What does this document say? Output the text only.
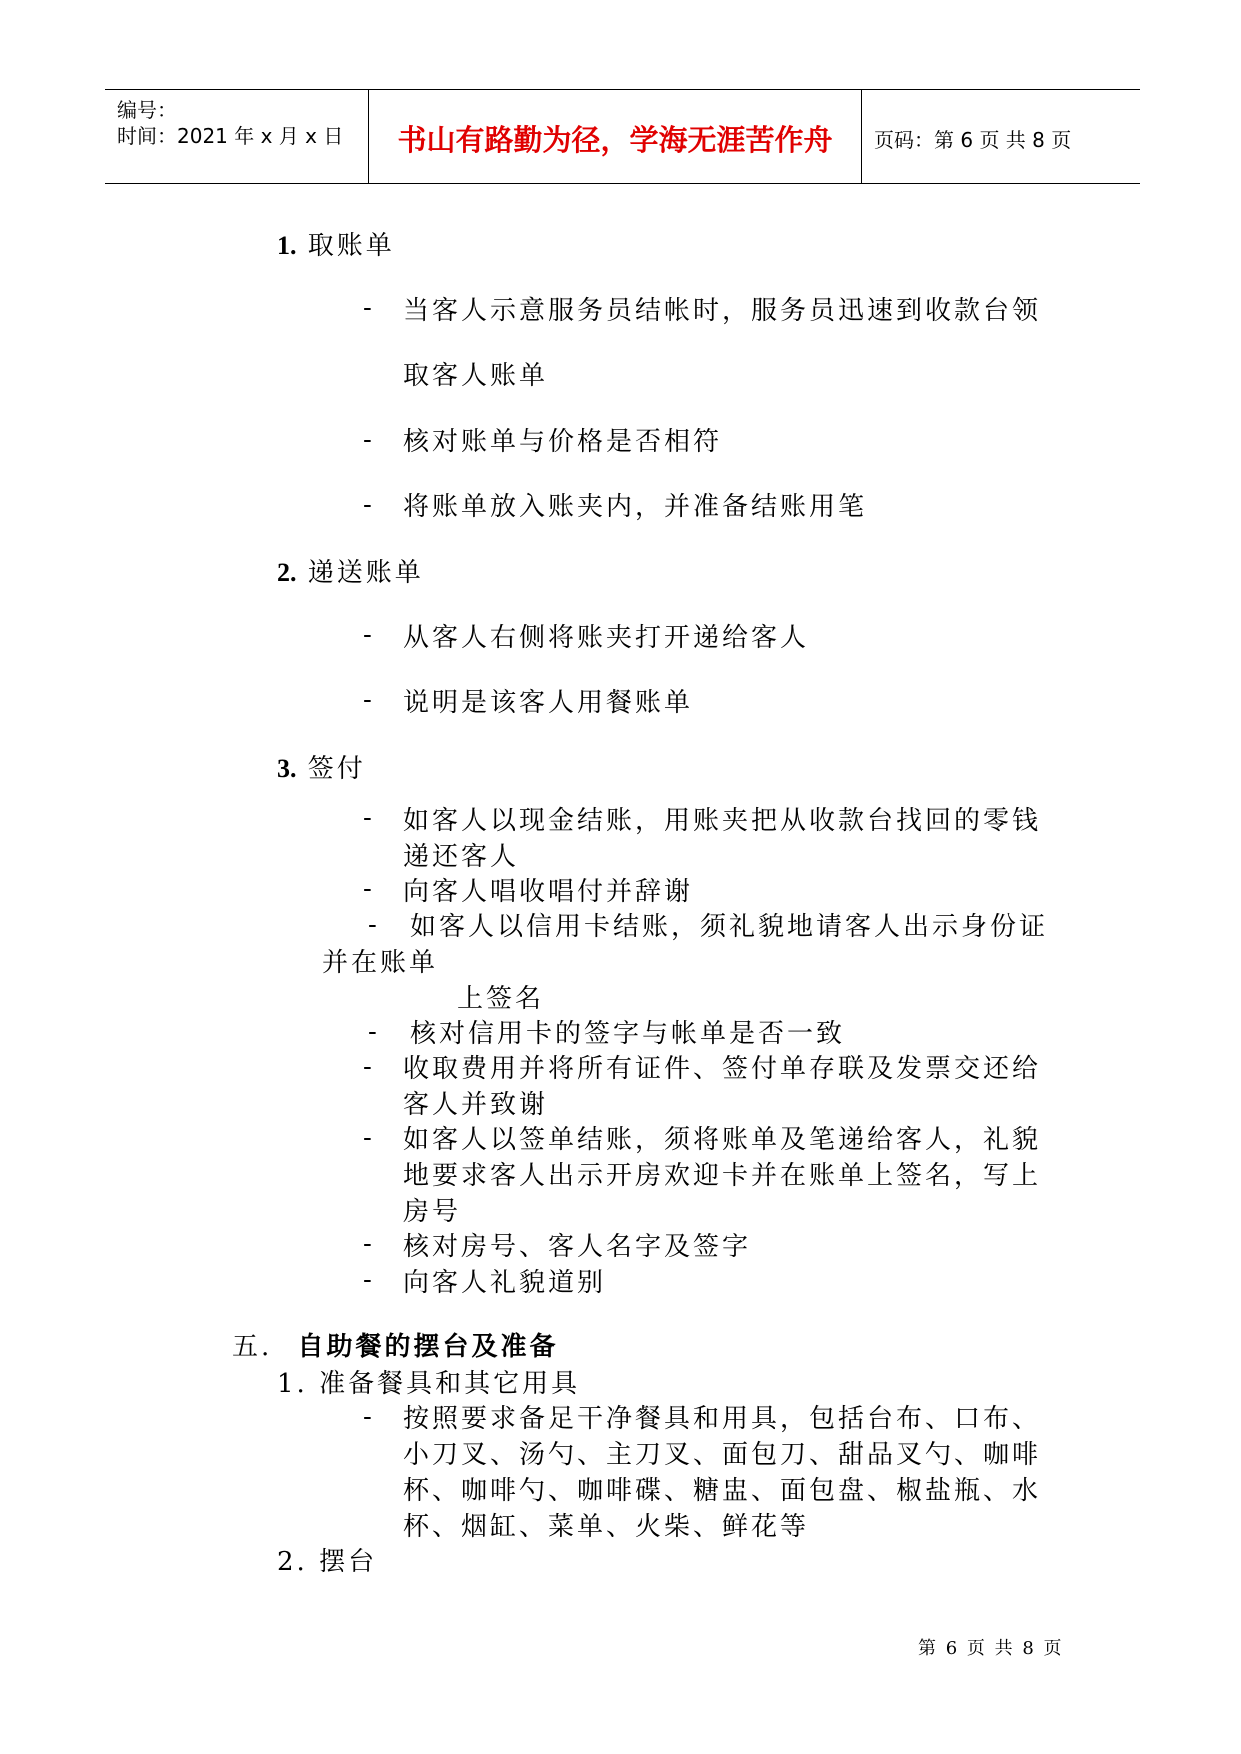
编号：
时间：2021 年 x 月 x 日	书山有路勤为径，学海无涯苦作舟	页码：第 6 页 共 8 页
1. 取账单
- 当客人示意服务员结帐时，服务员迅速到收款台领
取客人账单
- 核对账单与价格是否相符
- 将账单放入账夹内，并准备结账用笔
2. 递送账单
- 从客人右侧将账夹打开递给客人
- 说明是该客人用餐账单
3. 签付
- 如客人以现金结账，用账夹把从收款台找回的零钱
递还客人
- 向客人唱收唱付并辞谢
- 如客人以信用卡结账，须礼貌地请客人出示身份证
并在账单
上签名
- 核对信用卡的签字与帐单是否一致
- 收取费用并将所有证件、签付单存联及发票交还给
客人并致谢
- 如客人以签单结账，须将账单及笔递给客人，礼貌
地要求客人出示开房欢迎卡并在账单上签名，写上
房号
- 核对房号、客人名字及签字
- 向客人礼貌道别
五. 自助餐的摆台及准备
1. 准备餐具和其它用具
- 按照要求备足干净餐具和用具，包括台布、口布、
小刀叉、汤勺、主刀叉、面包刀、甜品叉勺、咖啡
杯、咖啡勺、咖啡碟、糖盅、面包盘、椒盐瓶、水
杯、烟缸、菜单、火柴、鲜花等
2. 摆台
第 6 页 共 8 页
